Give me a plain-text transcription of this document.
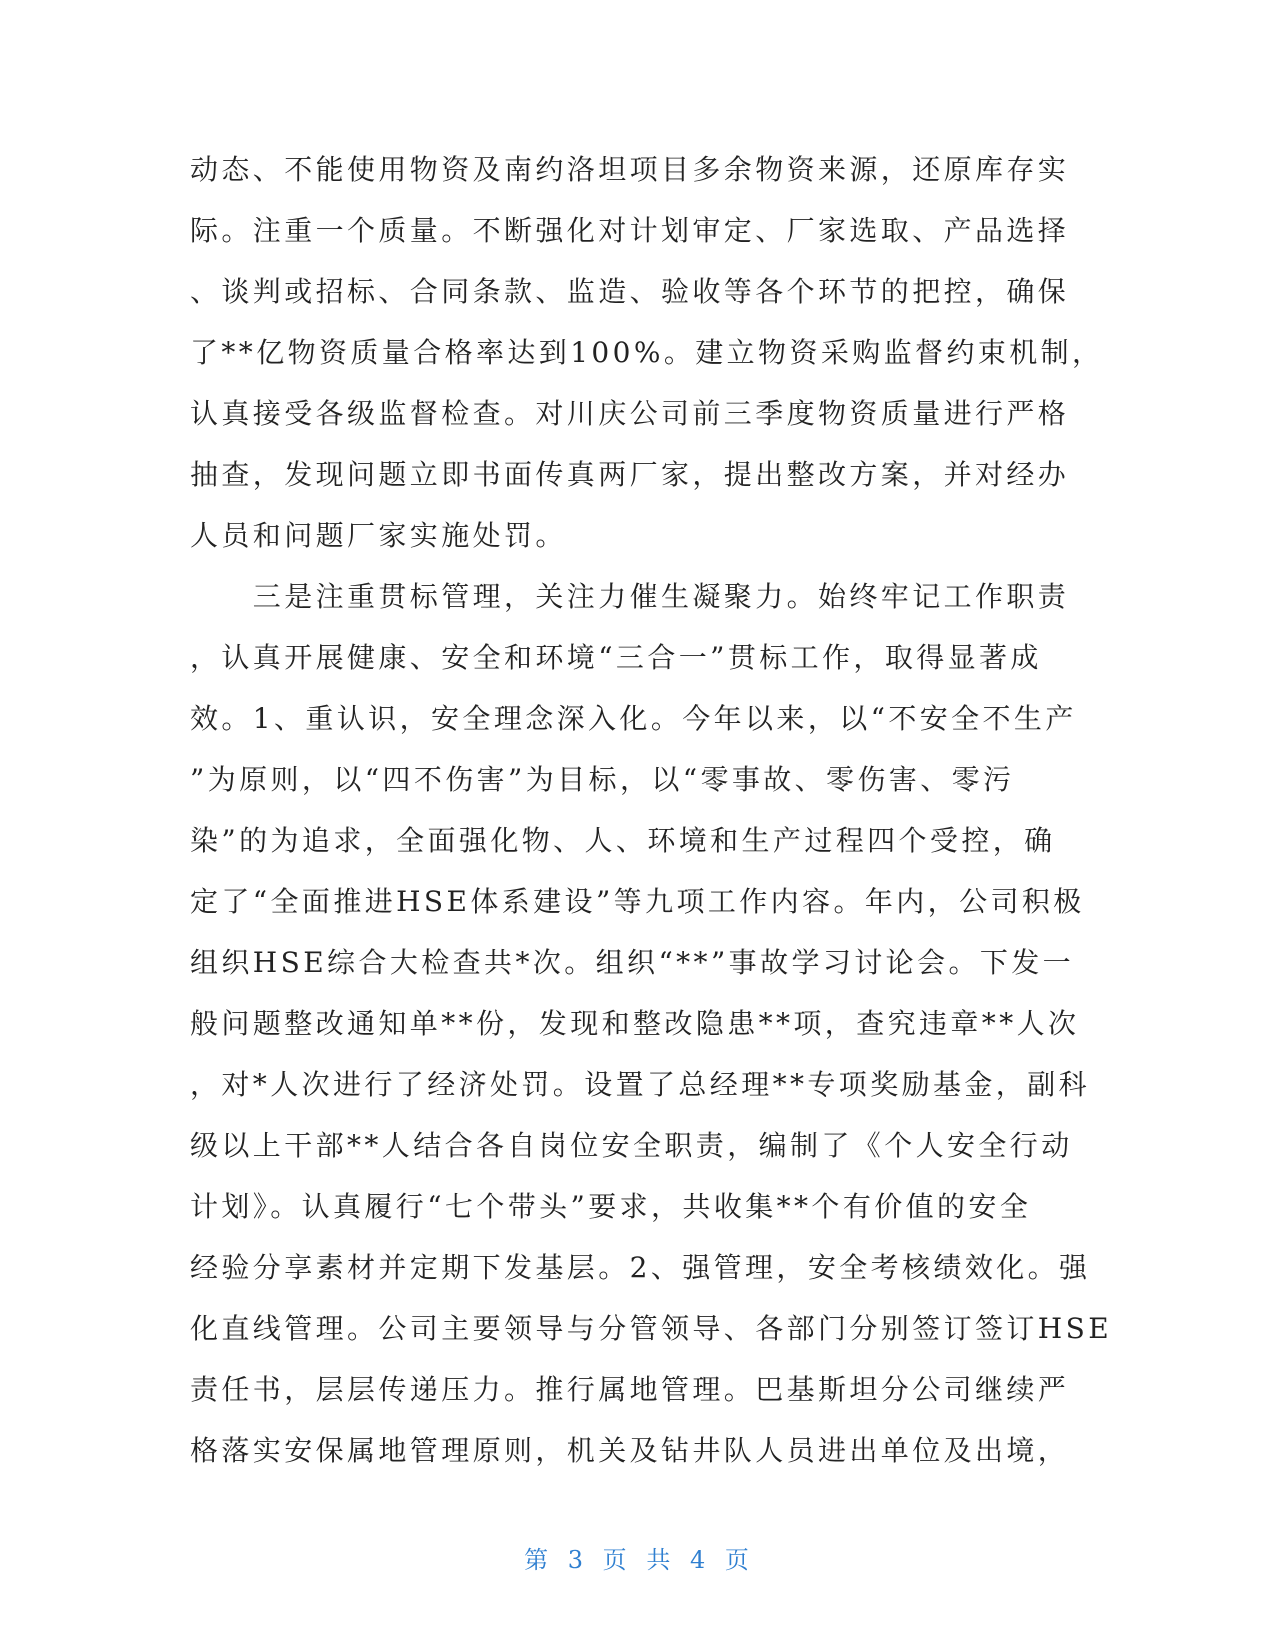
动态、不能使用物资及南约洛坦项目多余物资来源，还原库存实
际。注重一个质量。不断强化对计划审定、厂家选取、产品选择
、谈判或招标、合同条款、监造、验收等各个环节的把控，确保
了**亿物资质量合格率达到100%。建立物资采购监督约束机制，
认真接受各级监督检查。对川庆公司前三季度物资质量进行严格
抽查，发现问题立即书面传真两厂家，提出整改方案，并对经办
人员和问题厂家实施处罚。
　　三是注重贯标管理，关注力催生凝聚力。始终牢记工作职责
，认真开展健康、安全和环境“三合一”贯标工作，取得显著成
效。1、重认识，安全理念深入化。今年以来，以“不安全不生产
”为原则，以“四不伤害”为目标，以“零事故、零伤害、零污
染”的为追求，全面强化物、人、环境和生产过程四个受控，确
定了“全面推进HSE体系建设”等九项工作内容。年内，公司积极
组织HSE综合大检查共*次。组织“**”事故学习讨论会。下发一
般问题整改通知单**份，发现和整改隐患**项，查究违章**人次
，对*人次进行了经济处罚。设置了总经理**专项奖励基金，副科
级以上干部**人结合各自岗位安全职责，编制了《个人安全行动
计划》。认真履行“七个带头”要求，共收集**个有价值的安全
经验分享素材并定期下发基层。2、强管理，安全考核绩效化。强
化直线管理。公司主要领导与分管领导、各部门分别签订签订HSE
责任书，层层传递压力。推行属地管理。巴基斯坦分公司继续严
格落实安保属地管理原则，机关及钻井队人员进出单位及出境，
第 3 页 共 4 页
